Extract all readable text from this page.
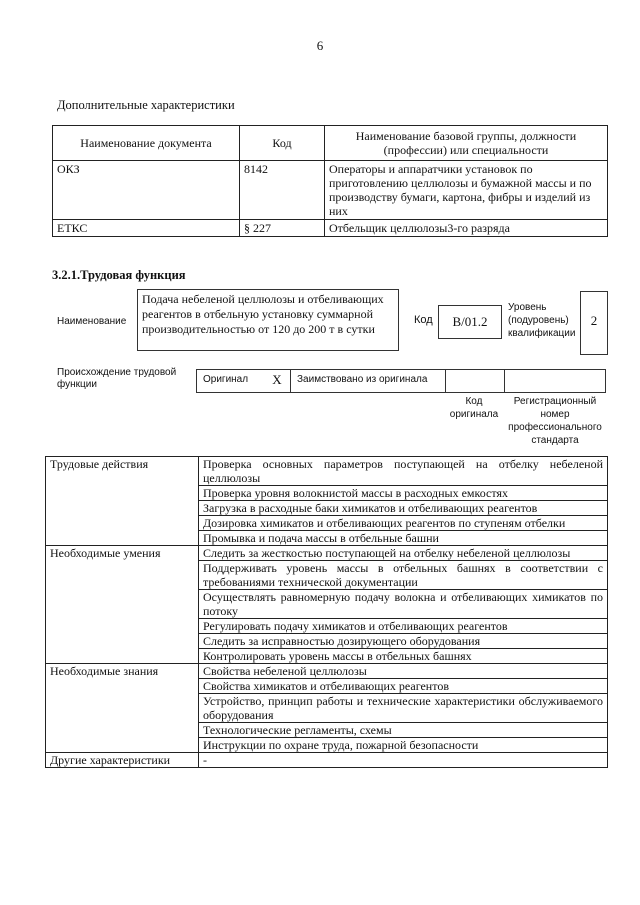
6
Дополнительные характеристики
Наименование документа	Код	Наименование базовой группы, должности (профессии) или специальности
ОКЗ	8142	Операторы и аппаратчики установок по приготовлению целлюлозы и бумажной массы и по производству бумаги, картона, фибры и изделий из них
ЕТКС	§ 227	Отбельщик целлюлозы3-го разряда
3.2.1.Трудовая функция
Наименование
Подача небеленой целлюлозы и отбеливающих реагентов в отбельную установку суммарной производительностью от 120 до 200 т в сутки
Код	B/01.2
Уровень (подуровень) квалификации
2
Происхождение трудовой функции	Оригинал	X	Заимствовано из оригинала
Код оригинала
Регистрационный номер профессионального стандарта
Трудовые действия	Проверка основных параметров поступающей на отбелку небеленой целлюлозы
	Проверка уровня волокнистой массы в расходных емкостях
	Загрузка в расходные баки химикатов и отбеливающих реагентов
	Дозировка химикатов и отбеливающих реагентов по ступеням отбелки
	Промывка и подача массы в отбельные башни
Необходимые умения	Следить за жесткостью поступающей на отбелку небеленой целлюлозы
	Поддерживать уровень массы в отбельных башнях в соответствии с требованиями технической документации
	Осуществлять равномерную подачу волокна и отбеливающих химикатов по потоку
	Регулировать подачу химикатов и отбеливающих реагентов
	Следить за исправностью дозирующего оборудования
	Контролировать уровень массы в отбельных башнях
Необходимые знания	Свойства небеленой целлюлозы
	Свойства химикатов и отбеливающих реагентов
	Устройство, принцип работы и технические характеристики обслуживаемого оборудования
	Технологические регламенты, схемы
	Инструкции по охране труда, пожарной безопасности
Другие характеристики	-
